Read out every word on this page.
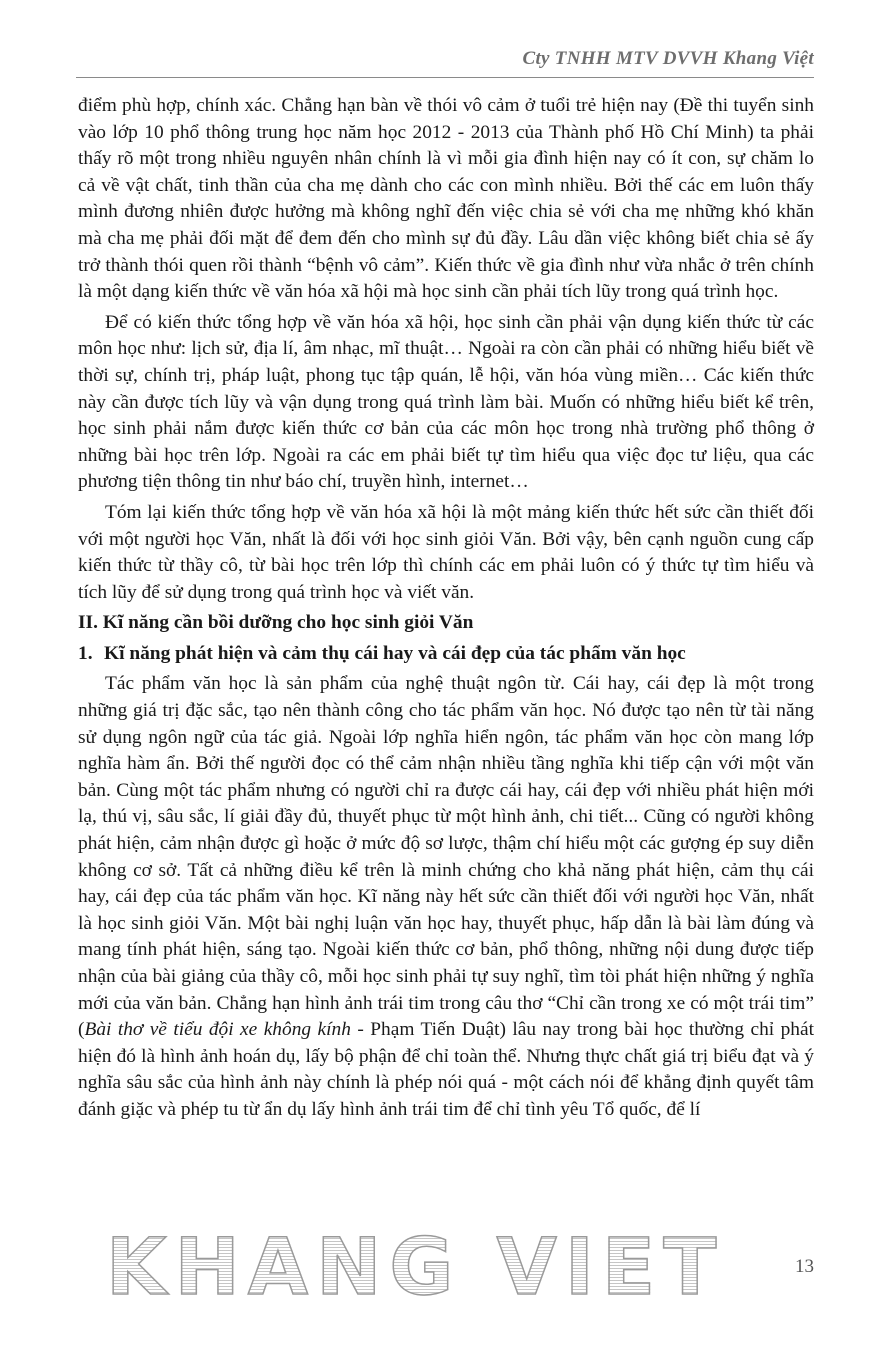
Cty TNHH MTV DVVH Khang Việt

điểm phù hợp, chính xác. Chẳng hạn bàn về thói vô cảm ở tuổi trẻ hiện nay (Đề thi tuyển sinh vào lớp 10 phổ thông trung học năm học 2012 - 2013 của Thành phố Hồ Chí Minh) ta phải thấy rõ một trong nhiều nguyên nhân chính là vì mỗi gia đình hiện nay có ít con, sự chăm lo cả về vật chất, tinh thần của cha mẹ dành cho các con mình nhiều. Bởi thế các em luôn thấy mình đương nhiên được hưởng mà không nghĩ đến việc chia sẻ với cha mẹ những khó khăn mà cha mẹ phải đối mặt để đem đến cho mình sự đủ đầy. Lâu dần việc không biết chia sẻ ấy trở thành thói quen rồi thành “bệnh vô cảm”. Kiến thức về gia đình như vừa nhắc ở trên chính là một dạng kiến thức về văn hóa xã hội mà học sinh cần phải tích lũy trong quá trình học.

Để có kiến thức tổng hợp về văn hóa xã hội, học sinh cần phải vận dụng kiến thức từ các môn học như: lịch sử, địa lí, âm nhạc, mĩ thuật… Ngoài ra còn cần phải có những hiểu biết về thời sự, chính trị, pháp luật, phong tục tập quán, lễ hội, văn hóa vùng miền… Các kiến thức này cần được tích lũy và vận dụng trong quá trình làm bài. Muốn có những hiểu biết kể trên, học sinh phải nắm được kiến thức cơ bản của các môn học trong nhà trường phổ thông ở những bài học trên lớp. Ngoài ra các em phải biết tự tìm hiểu qua việc đọc tư liệu, qua các phương tiện thông tin như báo chí, truyền hình, internet…

Tóm lại kiến thức tổng hợp về văn hóa xã hội là một mảng kiến thức hết sức cần thiết đối với một người học Văn, nhất là đối với học sinh giỏi Văn. Bởi vậy, bên cạnh nguồn cung cấp kiến thức từ thầy cô, từ bài học trên lớp thì chính các em phải luôn có ý thức tự tìm hiểu và tích lũy để sử dụng trong quá trình học và viết văn.

II. Kĩ năng cần bồi dưỡng cho học sinh giỏi Văn
1. Kĩ năng phát hiện và cảm thụ cái hay và cái đẹp của tác phẩm văn học

Tác phẩm văn học là sản phẩm của nghệ thuật ngôn từ. Cái hay, cái đẹp là một trong những giá trị đặc sắc, tạo nên thành công cho tác phẩm văn học. Nó được tạo nên từ tài năng sử dụng ngôn ngữ của tác giả. Ngoài lớp nghĩa hiển ngôn, tác phẩm văn học còn mang lớp nghĩa hàm ẩn. Bởi thế người đọc có thể cảm nhận nhiều tầng nghĩa khi tiếp cận với một văn bản. Cùng một tác phẩm nhưng có người chỉ ra được cái hay, cái đẹp với nhiều phát hiện mới lạ, thú vị, sâu sắc, lí giải đầy đủ, thuyết phục từ một hình ảnh, chi tiết... Cũng có người không phát hiện, cảm nhận được gì hoặc ở mức độ sơ lược, thậm chí hiểu một các gượng ép suy diễn không cơ sở. Tất cả những điều kể trên là minh chứng cho khả năng phát hiện, cảm thụ cái hay, cái đẹp của tác phẩm văn học. Kĩ năng này hết sức cần thiết đối với người học Văn, nhất là học sinh giỏi Văn. Một bài nghị luận văn học hay, thuyết phục, hấp dẫn là bài làm đúng và mang tính phát hiện, sáng tạo. Ngoài kiến thức cơ bản, phổ thông, những nội dung được tiếp nhận của bài giảng của thầy cô, mỗi học sinh phải tự suy nghĩ, tìm tòi phát hiện những ý nghĩa mới của văn bản. Chẳng hạn hình ảnh trái tim trong câu thơ “Chỉ cần trong xe có một trái tim” (Bài thơ về tiểu đội xe không kính - Phạm Tiến Duật) lâu nay trong bài học thường chỉ phát hiện đó là hình ảnh hoán dụ, lấy bộ phận để chỉ toàn thể. Nhưng thực chất giá trị biểu đạt và ý nghĩa sâu sắc của hình ảnh này chính là phép nói quá - một cách nói để khẳng định quyết tâm đánh giặc và phép tu từ ẩn dụ lấy hình ảnh trái tim để chỉ tình yêu Tổ quốc, để lí

KHANG VIET	13
